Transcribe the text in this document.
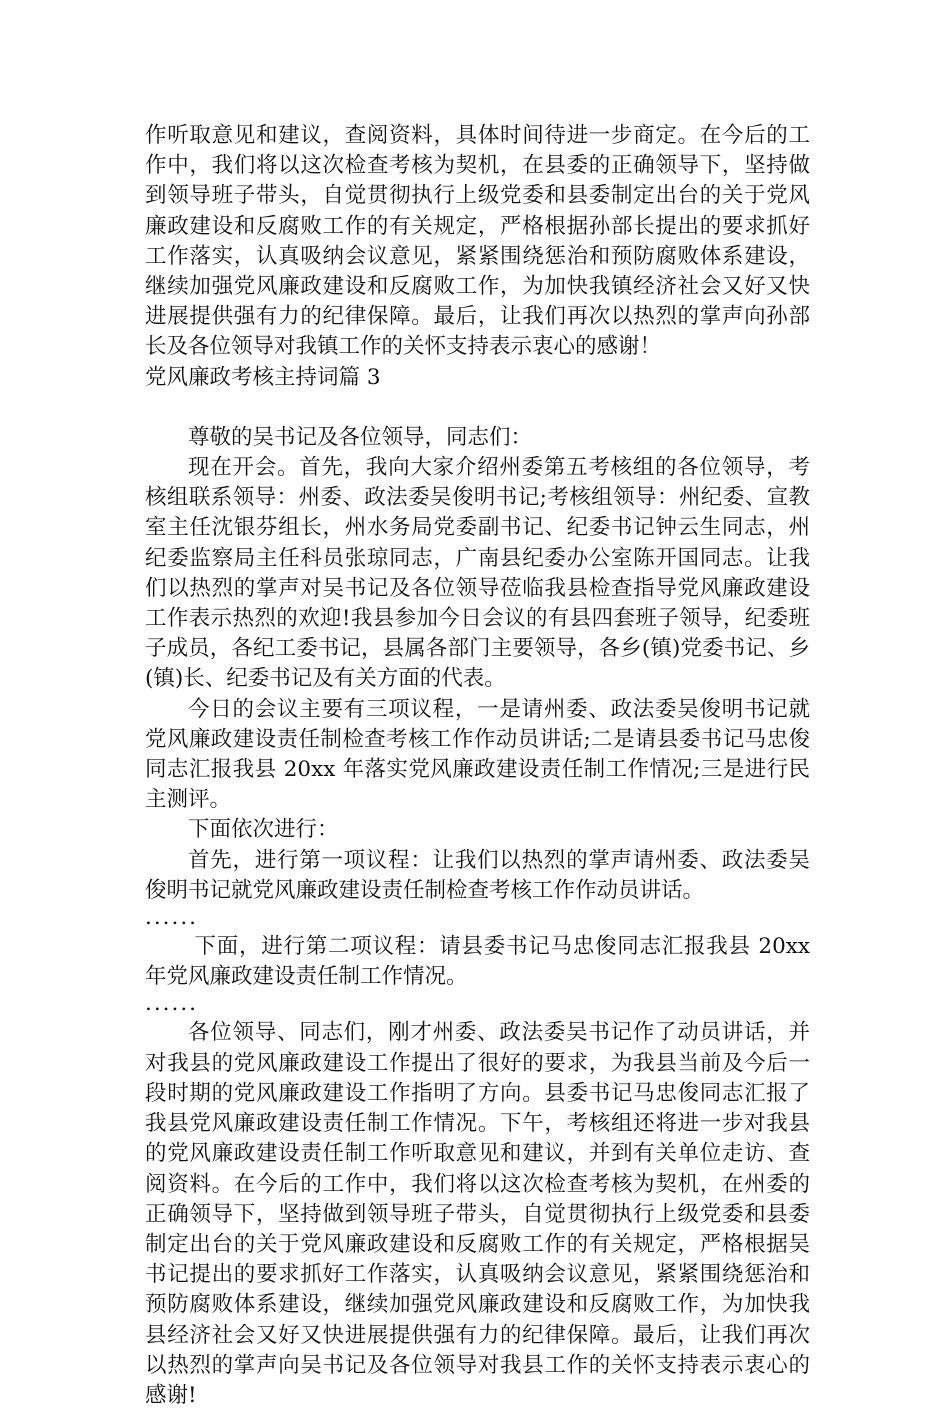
作听取意见和建议，查阅资料，具体时间待进一步商定。在今后的工作中，我们将以这次检查考核为契机，在县委的正确领导下，坚持做到领导班子带头，自觉贯彻执行上级党委和县委制定出台的关于党风廉政建设和反腐败工作的有关规定，严格根据孙部长提出的要求抓好工作落实，认真吸纳会议意见，紧紧围绕惩治和预防腐败体系建设，继续加强党风廉政建设和反腐败工作，为加快我镇经济社会又好又快进展提供强有力的纪律保障。最后，让我们再次以热烈的掌声向孙部长及各位领导对我镇工作的关怀支持表示衷心的感谢！

党风廉政考核主持词篇 3

尊敬的吴书记及各位领导，同志们：

现在开会。首先，我向大家介绍州委第五考核组的各位领导，考核组联系领导：州委、政法委吴俊明书记;考核组领导：州纪委、宣教室主任沈银芬组长，州水务局党委副书记、纪委书记钟云生同志，州纪委监察局主任科员张琼同志，广南县纪委办公室陈开国同志。让我们以热烈的掌声对吴书记及各位领导莅临我县检查指导党风廉政建设工作表示热烈的欢迎!我县参加今日会议的有县四套班子领导，纪委班子成员，各纪工委书记，县属各部门主要领导，各乡(镇)党委书记、乡(镇)长、纪委书记及有关方面的代表。

今日的会议主要有三项议程，一是请州委、政法委吴俊明书记就党风廉政建设责任制检查考核工作作动员讲话;二是请县委书记马忠俊同志汇报我县 20xx 年落实党风廉政建设责任制工作情况;三是进行民主测评。

下面依次进行：

首先，进行第一项议程：让我们以热烈的掌声请州委、政法委吴俊明书记就党风廉政建设责任制检查考核工作作动员讲话。

......

下面，进行第二项议程：请县委书记马忠俊同志汇报我县 20xx 年党风廉政建设责任制工作情况。

......

各位领导、同志们，刚才州委、政法委吴书记作了动员讲话，并对我县的党风廉政建设工作提出了很好的要求，为我县当前及今后一段时期的党风廉政建设工作指明了方向。县委书记马忠俊同志汇报了我县党风廉政建设责任制工作情况。下午，考核组还将进一步对我县的党风廉政建设责任制工作听取意见和建议，并到有关单位走访、查阅资料。在今后的工作中，我们将以这次检查考核为契机，在州委的正确领导下，坚持做到领导班子带头，自觉贯彻执行上级党委和县委制定出台的关于党风廉政建设和反腐败工作的有关规定，严格根据吴书记提出的要求抓好工作落实，认真吸纳会议意见，紧紧围绕惩治和预防腐败体系建设，继续加强党风廉政建设和反腐败工作，为加快我县经济社会又好又快进展提供强有力的纪律保障。最后，让我们再次以热烈的掌声向吴书记及各位领导对我县工作的关怀支持表示衷心的感谢!
